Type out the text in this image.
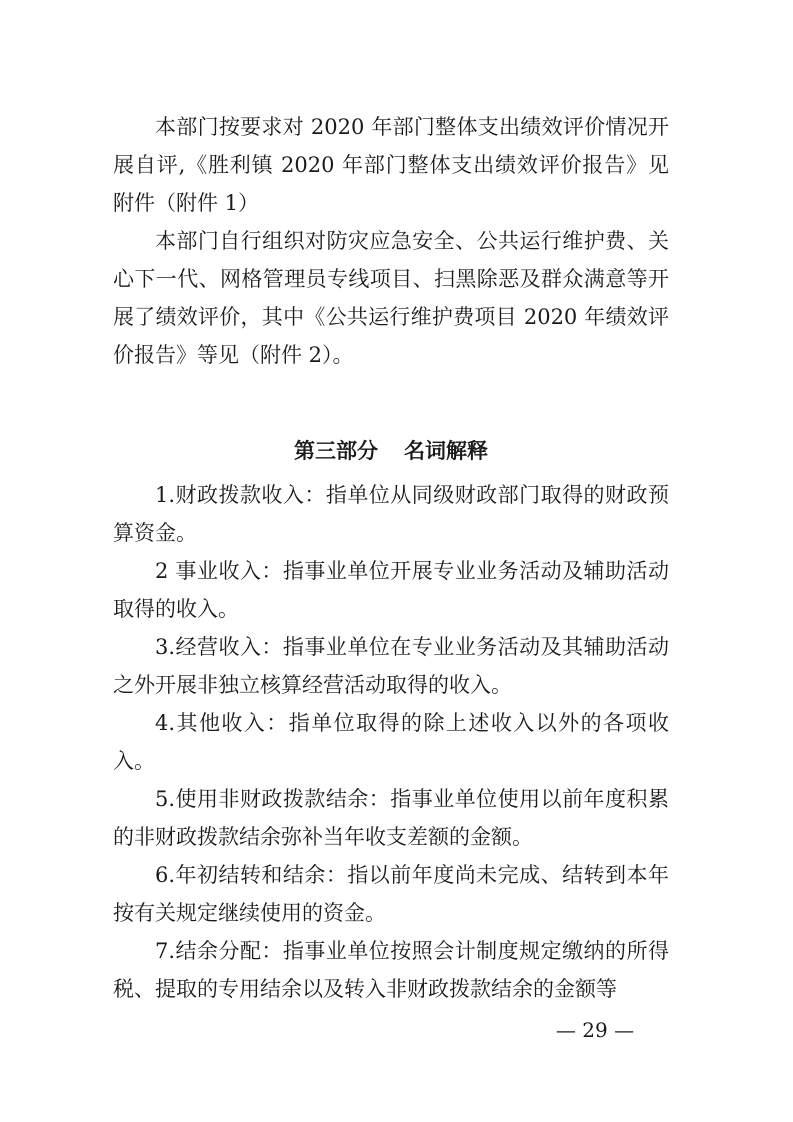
本部门按要求对 2020 年部门整体支出绩效评价情况开展自评,《胜利镇 2020 年部门整体支出绩效评价报告》见附件（附件 1）

本部门自行组织对防灾应急安全、公共运行维护费、关心下一代、网格管理员专线项目、扫黑除恶及群众满意等开展了绩效评价，其中《公共运行维护费项目 2020 年绩效评价报告》等见（附件 2）。

第三部分 名词解释

1.财政拨款收入：指单位从同级财政部门取得的财政预算资金。

2 事业收入：指事业单位开展专业业务活动及辅助活动取得的收入。

3.经营收入：指事业单位在专业业务活动及其辅助活动之外开展非独立核算经营活动取得的收入。

4.其他收入：指单位取得的除上述收入以外的各项收入。

5.使用非财政拨款结余：指事业单位使用以前年度积累的非财政拨款结余弥补当年收支差额的金额。

6.年初结转和结余：指以前年度尚未完成、结转到本年按有关规定继续使用的资金。

7.结余分配：指事业单位按照会计制度规定缴纳的所得税、提取的专用结余以及转入非财政拨款结余的金额等

— 29 —
